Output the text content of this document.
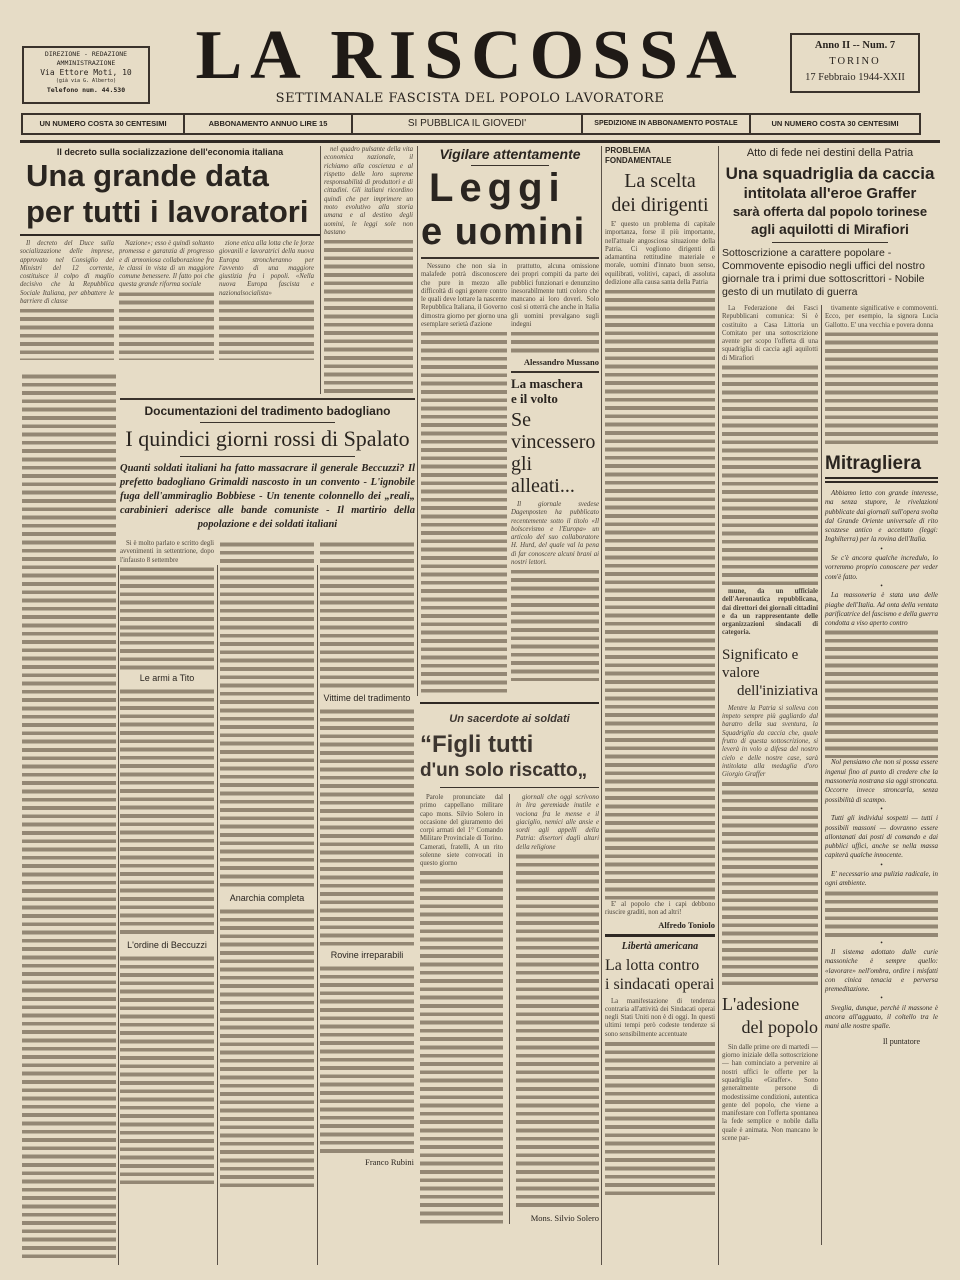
DIREZIONE - REDAZIONE
AMMINISTRAZIONE
Via Ettore Moti, 10
(già via G. Alberto)
Telefono num. 44.530	LA RISCOSSA
SETTIMANALE FASCISTA DEL POPOLO LAVORATORE
Anno II -- Num. 7
TORINO
17 Febbraio 1944-XXII
UN NUMERO COSTA 30 CENTESIMI	ABBONAMENTO ANNUO LIRE 15	SI PUBBLICA IL GIOVEDI'	SPEDIZIONE IN ABBONAMENTO POSTALE	UN NUMERO COSTA 30 CENTESIMI
Il decreto sulla socializzazione dell'economia italiana
Una grande data
per tutti i lavoratori

Il decreto del Duce sulla socializzazione delle imprese, approvato nel Consiglio dei Ministri del 12 corrente, costituisce il colpo di maglio decisivo che la Repubblica Sociale Italiana, per abbattere le barriere di classe

Nazione»; esso è quindi soltanto promessa e garanzia di progresso e di armoniosa collaborazione fra le classi in vista di un maggiore comune benessere. Il fatto poi che questa grande riforma sociale

zione etica alla lotta che le forze giovanili e lavoratrici della nuova Europa stroncheranno per l'avvento di una maggiore giustizia fra i popoli. «Nella nuova Europa fascista e nazionalsocialista»

nel quadro pulsante della vita economica nazionale, il richiamo alla coscienza e al rispetto delle loro supreme responsabilità di produttori e di cittadini. Gli italiani ricordino quindi che per imprimere un moto evolutivo alla storia umana e al destino degli uomini, le leggi sole non bastano

Vigilare attentamente
Leggi
e uomini

Nessuno che non sia in malafede potrà disconoscere che pure in mezzo alle difficoltà di ogni genere contro le quali deve lottare la nascente Repubblica Italiana, il Governo dimostra giorno per giorno una esemplare serietà d'azione

prattutto, alcuna omissione dei propri compiti da parte dei pubblici funzionari e denunzino inesorabilmente tutti coloro che mancano ai loro doveri. Solo così si otterrà che anche in Italia gli uomini prevalgano sugli indegni

Alessandro Mussano
La maschera
e il volto
Se vincessero
gli alleati...

Il giornale svedese Dagenposten ha pubblicato recentemente sotto il titolo «Il bolscevismo e l'Europa» un articolo del suo collaboratore H. Hurd, del quale val la pena di far conoscere alcuni brani ai nostri lettori.

Un sacerdote ai soldati
“Figli tutti
d'un solo riscatto„

Parole pronunciate dal primo cappellano militare capo mons. Silvio Solero in occasione del giuramento dei corpi armati del 1° Comando Militare Provinciale di Torino. Camerati, fratelli, A un rito solenne siete convocati in questo giorno

giornali che oggi scrivono in lira geremiade inutile e vociona fra le mense e il giaciglio, nemici alle ansie e sordi agli appelli della Patria: disertori dagli altari della religione

Mons. Silvio Solero
PROBLEMA FONDAMENTALE
La scelta
dei dirigenti

E' questo un problema di capitale importanza, forse il più importante, nell'attuale angosciosa situazione della Patria. Ci vogliono dirigenti di adamantina rettitudine materiale e morale, uomini d'innato buon senso, equilibrati, volitivi, capaci, di assoluta dedizione alla causa santa della Patria

E' al popolo che i capi debbono riuscire graditi, non ad altri!

Alfredo Toniolo
Libertà americana
La lotta contro
i sindacati operai

La manifestazione di tendenza contraria all'attività dei Sindacati operai negli Stati Uniti non è di oggi. In questi ultimi tempi però codeste tendenze si sono sensibilmente accentuate

Atto di fede nei destini della Patria
Una squadriglia da caccia
intitolata all'eroe Graffer
sarà offerta dal popolo torinese
agli aquilotti di Mirafiori
Sottoscrizione a carattere popolare - Commovente episodio negli uffici del nostro giornale tra i primi due sottoscrittori - Nobile gesto di un mutilato di guerra

La Federazione dei Fasci Repubblicani comunica: Si è costituito a Casa Littoria un Comitato per una sottoscrizione avente per scopo l'offerta di una squadriglia di caccia agli aquilotti di Mirafiori

mune, da un ufficiale dell'Aeronautica repubblicana, dai direttori dei giornali cittadini e da un rappresentante delle organizzazioni sindacali di categoria.

Significato e valore
dell'iniziativa

Mentre la Patria si solleva con impeto sempre più gagliardo dal baratro della sua sventura, la Squadriglia da caccia che, quale frutto di questa sottoscrizione, si leverà in volo a difesa del nostro cielo e delle nostre case, sarà intitolata alla medaglia d'oro Giorgio Graffer

L'adesione
del popolo

Sin dalle prime ore di martedì — giorno iniziale della sottoscrizione — han cominciato a pervenire ai nostri uffici le offerte per la squadriglia «Graffer». Sono generalmente persone di modestissime condizioni, autentica gente del popolo, che viene a manifestare con l'offerta spontanea la fede semplice e nobile dalla quale è animata. Non mancano le scene par-

tivamente significative e commoventi. Ecco, per esempio, la signora Lucia Gallotto. E' una vecchia e povera donna

Mitragliera

Abbiamo letto con grande interesse, ma senza stupore, le rivelazioni pubblicate dai giornali sull'opera svolta dal Grande Oriente universale di rito scozzese antico e accettato (leggi: Inghilterra) per la rovina dell'Italia.

•

Se c'è ancora qualche incredulo, lo vorremmo proprio conoscere per veder com'è fatto.

•

La massoneria è stata una delle piaghe dell'Italia. Ad onta della ventata parificatrice del fascismo e della guerra condotta a viso aperto contro

Nol pensiamo che non si possa essere ingenui fino al punto di credere che la massoneria nostrana sia oggi stroncata. Occorre invece stroncarla, senza possibilità di scampo.

•

Tutti gli individui sospetti — tutti i possibili massoni — dovranno essere allontanati dai posti di comando e dai pubblici uffici, anche se nella massa capiterà qualche innocente.

•

E' necessario una pulizia radicale, in ogni ambiente.

•

Il sistema adottato dalle curie massoniche è sempre quello: «lavorare» nell'ombra, ordire i misfatti con cinica tenacia e perversa premeditazione.

•

Sveglia, dunque, perchè il massone è ancora all'agguato, il coltello tra le mani alle nostre spalle.

Il puntatore
Documentazioni del tradimento badogliano
I quindici giorni rossi di Spalato
Quanti soldati italiani ha fatto massacrare il generale Beccuzzi? Il prefetto badogliano Grimaldi nascosto in un convento - L'ignobile fuga dell'ammiraglio Bobbiese - Un tenente colonnello dei „reali„ carabinieri aderisce alle bande comuniste - Il martirio della popolazione e dei soldati italiani

Si è molto parlato e scritto degli avvenimenti in settentrione, dopo l'infausto 8 settembre

Le armi a Tito
L'ordine di Beccuzzi
Anarchia completa
Vittime del tradimento
Rovine irreparabili
Franco Rubini
